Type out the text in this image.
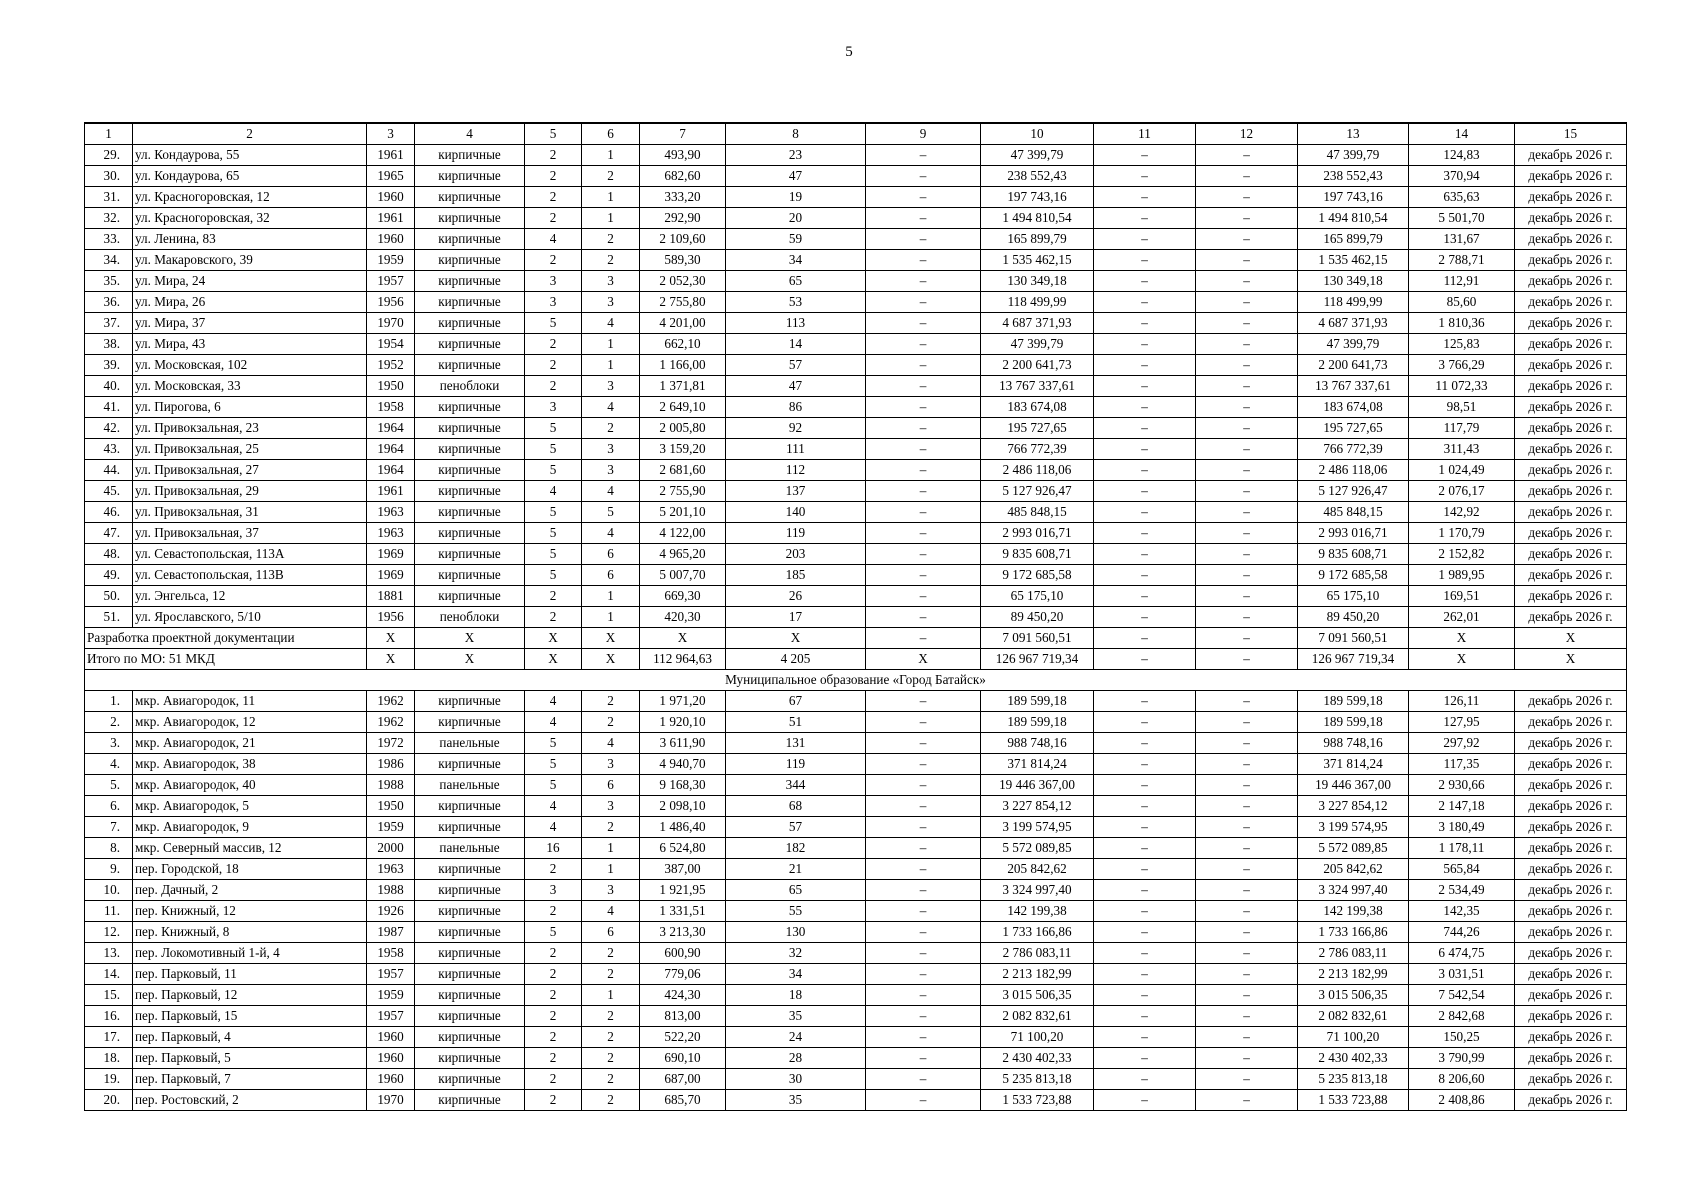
5
1	2	3	4	5	6	7	8	9	10	11	12	13	14	15
29.	ул. Кондаурова, 55	1961	кирпичные	2	1	493,90	23	–	47 399,79	–	–	47 399,79	124,83	декабрь 2026 г.
30.	ул. Кондаурова, 65	1965	кирпичные	2	2	682,60	47	–	238 552,43	–	–	238 552,43	370,94	декабрь 2026 г.
31.	ул. Красногоровская, 12	1960	кирпичные	2	1	333,20	19	–	197 743,16	–	–	197 743,16	635,63	декабрь 2026 г.
32.	ул. Красногоровская, 32	1961	кирпичные	2	1	292,90	20	–	1 494 810,54	–	–	1 494 810,54	5 501,70	декабрь 2026 г.
33.	ул. Ленина, 83	1960	кирпичные	4	2	2 109,60	59	–	165 899,79	–	–	165 899,79	131,67	декабрь 2026 г.
34.	ул. Макаровского, 39	1959	кирпичные	2	2	589,30	34	–	1 535 462,15	–	–	1 535 462,15	2 788,71	декабрь 2026 г.
35.	ул. Мира, 24	1957	кирпичные	3	3	2 052,30	65	–	130 349,18	–	–	130 349,18	112,91	декабрь 2026 г.
36.	ул. Мира, 26	1956	кирпичные	3	3	2 755,80	53	–	118 499,99	–	–	118 499,99	85,60	декабрь 2026 г.
37.	ул. Мира, 37	1970	кирпичные	5	4	4 201,00	113	–	4 687 371,93	–	–	4 687 371,93	1 810,36	декабрь 2026 г.
38.	ул. Мира, 43	1954	кирпичные	2	1	662,10	14	–	47 399,79	–	–	47 399,79	125,83	декабрь 2026 г.
39.	ул. Московская, 102	1952	кирпичные	2	1	1 166,00	57	–	2 200 641,73	–	–	2 200 641,73	3 766,29	декабрь 2026 г.
40.	ул. Московская, 33	1950	пеноблоки	2	3	1 371,81	47	–	13 767 337,61	–	–	13 767 337,61	11 072,33	декабрь 2026 г.
41.	ул. Пирогова, 6	1958	кирпичные	3	4	2 649,10	86	–	183 674,08	–	–	183 674,08	98,51	декабрь 2026 г.
42.	ул. Привокзальная, 23	1964	кирпичные	5	2	2 005,80	92	–	195 727,65	–	–	195 727,65	117,79	декабрь 2026 г.
43.	ул. Привокзальная, 25	1964	кирпичные	5	3	3 159,20	111	–	766 772,39	–	–	766 772,39	311,43	декабрь 2026 г.
44.	ул. Привокзальная, 27	1964	кирпичные	5	3	2 681,60	112	–	2 486 118,06	–	–	2 486 118,06	1 024,49	декабрь 2026 г.
45.	ул. Привокзальная, 29	1961	кирпичные	4	4	2 755,90	137	–	5 127 926,47	–	–	5 127 926,47	2 076,17	декабрь 2026 г.
46.	ул. Привокзальная, 31	1963	кирпичные	5	5	5 201,10	140	–	485 848,15	–	–	485 848,15	142,92	декабрь 2026 г.
47.	ул. Привокзальная, 37	1963	кирпичные	5	4	4 122,00	119	–	2 993 016,71	–	–	2 993 016,71	1 170,79	декабрь 2026 г.
48.	ул. Севастопольская, 113А	1969	кирпичные	5	6	4 965,20	203	–	9 835 608,71	–	–	9 835 608,71	2 152,82	декабрь 2026 г.
49.	ул. Севастопольская, 113В	1969	кирпичные	5	6	5 007,70	185	–	9 172 685,58	–	–	9 172 685,58	1 989,95	декабрь 2026 г.
50.	ул. Энгельса, 12	1881	кирпичные	2	1	669,30	26	–	65 175,10	–	–	65 175,10	169,51	декабрь 2026 г.
51.	ул. Ярославского, 5/10	1956	пеноблоки	2	1	420,30	17	–	89 450,20	–	–	89 450,20	262,01	декабрь 2026 г.
Разработка проектной документации		X	X	X	X	X	X	–	7 091 560,51	–	–	7 091 560,51	X	X
Итого по МО: 51 МКД		X	X	X	X	112 964,63	4 205	X	126 967 719,34	–	–	126 967 719,34	X	X
Муниципальное образование «Город Батайск»														
1.	мкр. Авиагородок, 11	1962	кирпичные	4	2	1 971,20	67	–	189 599,18	–	–	189 599,18	126,11	декабрь 2026 г.
2.	мкр. Авиагородок, 12	1962	кирпичные	4	2	1 920,10	51	–	189 599,18	–	–	189 599,18	127,95	декабрь 2026 г.
3.	мкр. Авиагородок, 21	1972	панельные	5	4	3 611,90	131	–	988 748,16	–	–	988 748,16	297,92	декабрь 2026 г.
4.	мкр. Авиагородок, 38	1986	кирпичные	5	3	4 940,70	119	–	371 814,24	–	–	371 814,24	117,35	декабрь 2026 г.
5.	мкр. Авиагородок, 40	1988	панельные	5	6	9 168,30	344	–	19 446 367,00	–	–	19 446 367,00	2 930,66	декабрь 2026 г.
6.	мкр. Авиагородок, 5	1950	кирпичные	4	3	2 098,10	68	–	3 227 854,12	–	–	3 227 854,12	2 147,18	декабрь 2026 г.
7.	мкр. Авиагородок, 9	1959	кирпичные	4	2	1 486,40	57	–	3 199 574,95	–	–	3 199 574,95	3 180,49	декабрь 2026 г.
8.	мкр. Северный массив, 12	2000	панельные	16	1	6 524,80	182	–	5 572 089,85	–	–	5 572 089,85	1 178,11	декабрь 2026 г.
9.	пер. Городской, 18	1963	кирпичные	2	1	387,00	21	–	205 842,62	–	–	205 842,62	565,84	декабрь 2026 г.
10.	пер. Дачный, 2	1988	кирпичные	3	3	1 921,95	65	–	3 324 997,40	–	–	3 324 997,40	2 534,49	декабрь 2026 г.
11.	пер. Книжный, 12	1926	кирпичные	2	4	1 331,51	55	–	142 199,38	–	–	142 199,38	142,35	декабрь 2026 г.
12.	пер. Книжный, 8	1987	кирпичные	5	6	3 213,30	130	–	1 733 166,86	–	–	1 733 166,86	744,26	декабрь 2026 г.
13.	пер. Локомотивный 1-й, 4	1958	кирпичные	2	2	600,90	32	–	2 786 083,11	–	–	2 786 083,11	6 474,75	декабрь 2026 г.
14.	пер. Парковый, 11	1957	кирпичные	2	2	779,06	34	–	2 213 182,99	–	–	2 213 182,99	3 031,51	декабрь 2026 г.
15.	пер. Парковый, 12	1959	кирпичные	2	1	424,30	18	–	3 015 506,35	–	–	3 015 506,35	7 542,54	декабрь 2026 г.
16.	пер. Парковый, 15	1957	кирпичные	2	2	813,00	35	–	2 082 832,61	–	–	2 082 832,61	2 842,68	декабрь 2026 г.
17.	пер. Парковый, 4	1960	кирпичные	2	2	522,20	24	–	71 100,20	–	–	71 100,20	150,25	декабрь 2026 г.
18.	пер. Парковый, 5	1960	кирпичные	2	2	690,10	28	–	2 430 402,33	–	–	2 430 402,33	3 790,99	декабрь 2026 г.
19.	пер. Парковый, 7	1960	кирпичные	2	2	687,00	30	–	5 235 813,18	–	–	5 235 813,18	8 206,60	декабрь 2026 г.
20.	пер. Ростовский, 2	1970	кирпичные	2	2	685,70	35	–	1 533 723,88	–	–	1 533 723,88	2 408,86	декабрь 2026 г.
